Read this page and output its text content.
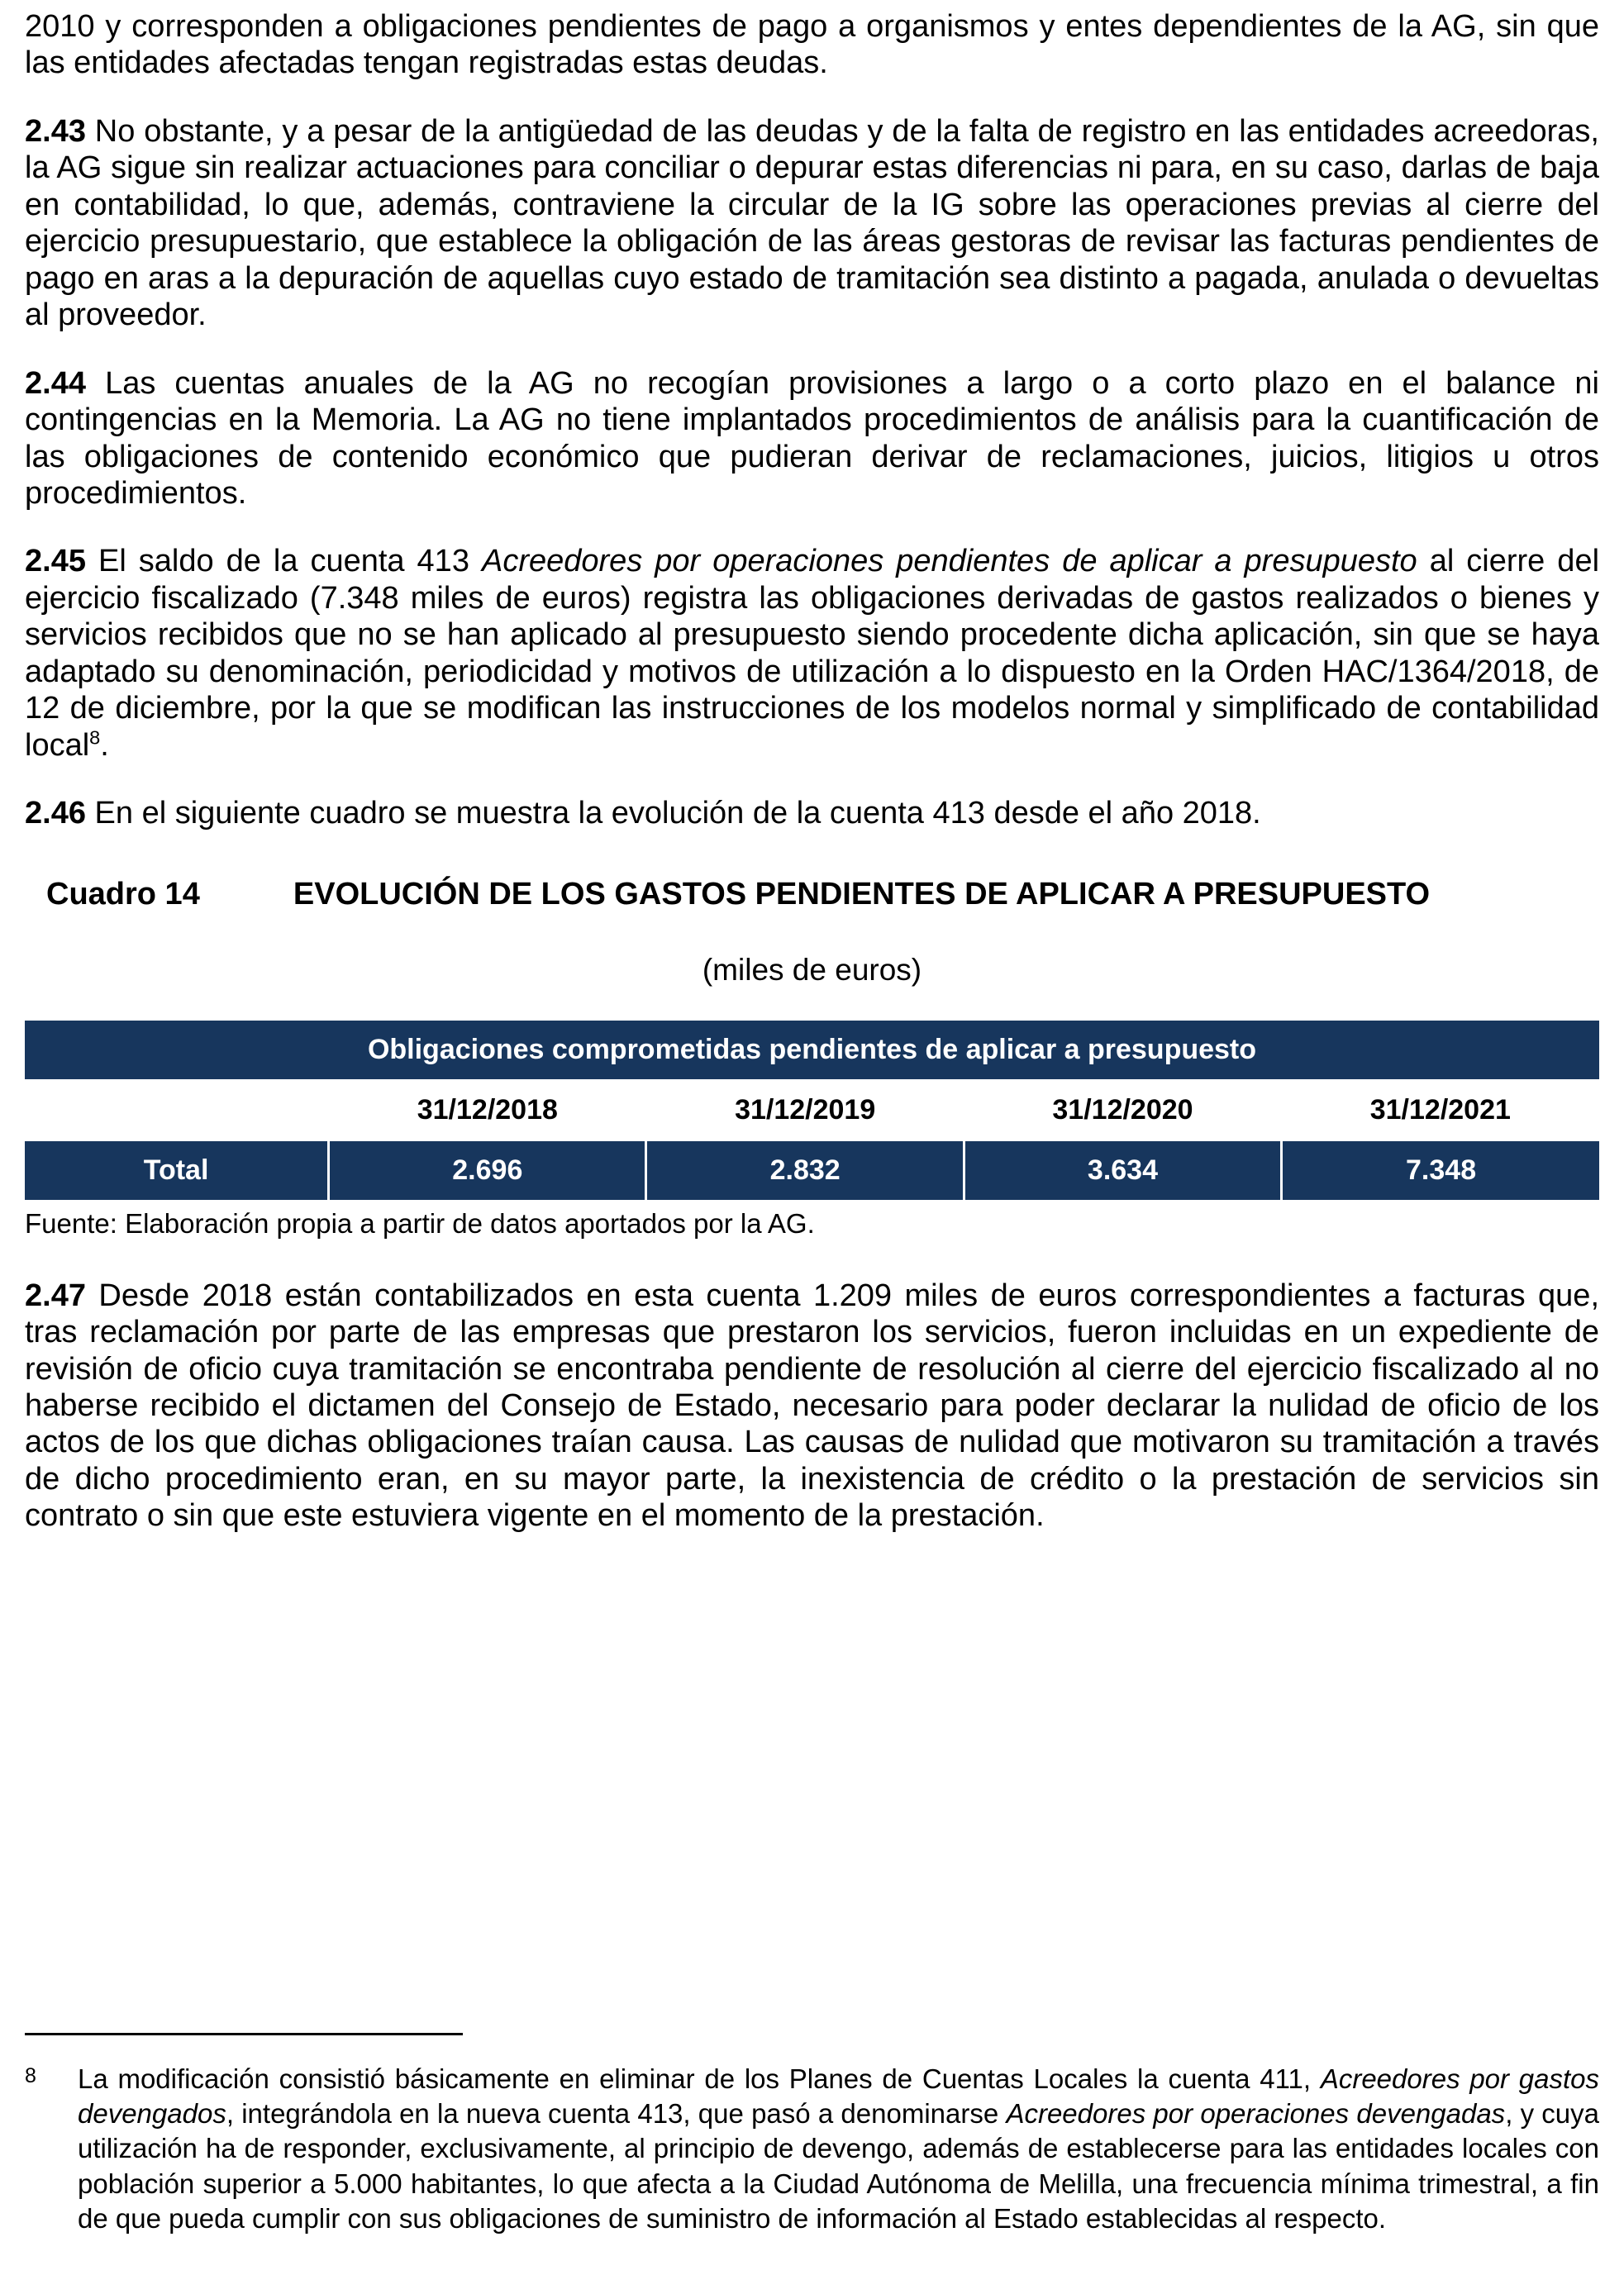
2010 y corresponden a obligaciones pendientes de pago a organismos y entes dependientes de la AG, sin que las entidades afectadas tengan registradas estas deudas.

2.43 No obstante, y a pesar de la antigüedad de las deudas y de la falta de registro en las entidades acreedoras, la AG sigue sin realizar actuaciones para conciliar o depurar estas diferencias ni para, en su caso, darlas de baja en contabilidad, lo que, además, contraviene la circular de la IG sobre las operaciones previas al cierre del ejercicio presupuestario, que establece la obligación de las áreas gestoras de revisar las facturas pendientes de pago en aras a la depuración de aquellas cuyo estado de tramitación sea distinto a pagada, anulada o devueltas al proveedor.

2.44 Las cuentas anuales de la AG no recogían provisiones a largo o a corto plazo en el balance ni contingencias en la Memoria. La AG no tiene implantados procedimientos de análisis para la cuantificación de las obligaciones de contenido económico que pudieran derivar de reclamaciones, juicios, litigios u otros procedimientos.

2.45 El saldo de la cuenta 413 Acreedores por operaciones pendientes de aplicar a presupuesto al cierre del ejercicio fiscalizado (7.348 miles de euros) registra las obligaciones derivadas de gastos realizados o bienes y servicios recibidos que no se han aplicado al presupuesto siendo procedente dicha aplicación, sin que se haya adaptado su denominación, periodicidad y motivos de utilización a lo dispuesto en la Orden HAC/1364/2018, de 12 de diciembre, por la que se modifican las instrucciones de los modelos normal y simplificado de contabilidad local$^8$.

2.46 En el siguiente cuadro se muestra la evolución de la cuenta 413 desde el año 2018.

Cuadro 14	EVOLUCIÓN DE LOS GASTOS PENDIENTES DE APLICAR A PRESUPUESTO
(miles de euros)
Obligaciones comprometidas pendientes de aplicar a presupuesto				
	31/12/2018	31/12/2019	31/12/2020	31/12/2021
Total	2.696	2.832	3.634	7.348
Fuente: Elaboración propia a partir de datos aportados por la AG.

2.47 Desde 2018 están contabilizados en esta cuenta 1.209 miles de euros correspondientes a facturas que, tras reclamación por parte de las empresas que prestaron los servicios, fueron incluidas en un expediente de revisión de oficio cuya tramitación se encontraba pendiente de resolución al cierre del ejercicio fiscalizado al no haberse recibido el dictamen del Consejo de Estado, necesario para poder declarar la nulidad de oficio de los actos de los que dichas obligaciones traían causa. Las causas de nulidad que motivaron su tramitación a través de dicho procedimiento eran, en su mayor parte, la inexistencia de crédito o la prestación de servicios sin contrato o sin que este estuviera vigente en el momento de la prestación.

8	La modificación consistió básicamente en eliminar de los Planes de Cuentas Locales la cuenta 411, Acreedores por gastos devengados, integrándola en la nueva cuenta 413, que pasó a denominarse Acreedores por operaciones devengadas, y cuya utilización ha de responder, exclusivamente, al principio de devengo, además de establecerse para las entidades locales con población superior a 5.000 habitantes, lo que afecta a la Ciudad Autónoma de Melilla, una frecuencia mínima trimestral, a fin de que pueda cumplir con sus obligaciones de suministro de información al Estado establecidas al respecto.
